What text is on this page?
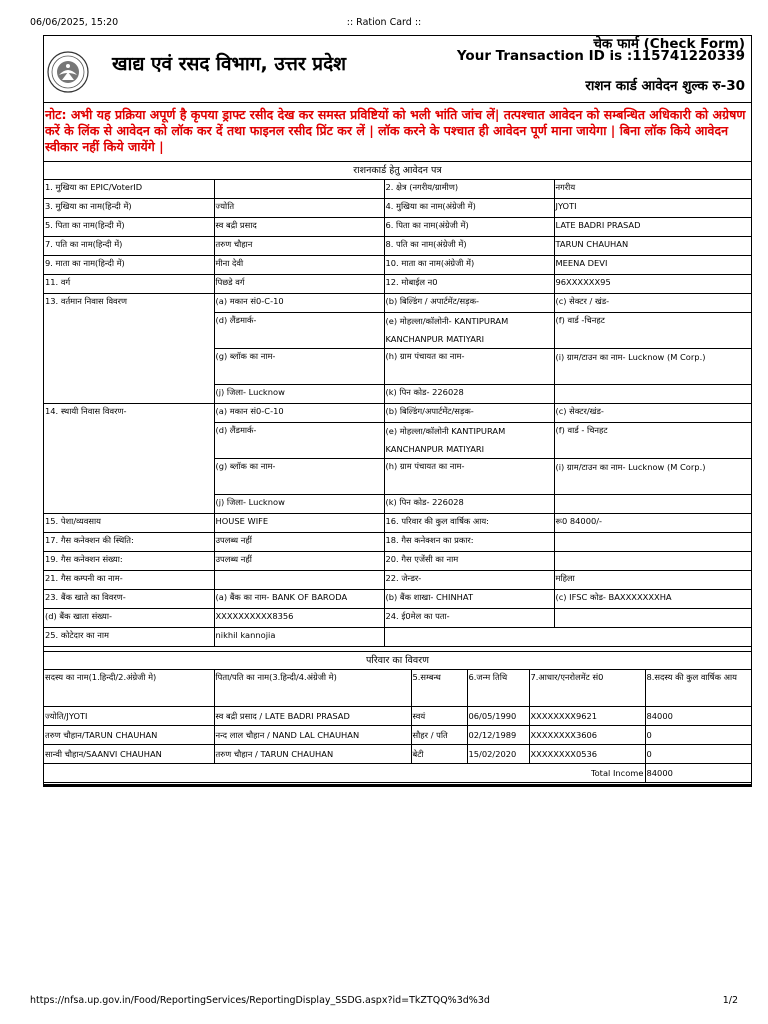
06/06/2025, 15:20	:: Ration Card ::
खाद्य एवं रसद विभाग, उत्तर प्रदेश
चेक फार्म (Check Form)
Your Transaction ID is :115741220339
राशन कार्ड आवेदन शुल्क रु-30
नोट: अभी यह प्रक्रिया अपूर्ण है कृपया ड्राफ्ट रसीद देख कर समस्त प्रविष्टियों को भली भांति जांच लें| तत्पश्चात आवेदन को सम्बन्धित अधिकारी को अग्रेषण करें के लिंक से आवेदन को लॉक कर दें तथा फाइनल रसीद प्रिंट कर लें | लॉक करने के पश्चात ही आवेदन पूर्ण माना जायेगा | बिना लॉक किये आवेदन स्वीकार नहीं किये जायेंगे |
राशनकार्ड हेतु आवेदन पत्र			
1. मुखिया का EPIC/VoterID		2. क्षेत्र (नगरीय/ग्रामीण)	नगरीय
3. मुखिया का नाम(हिन्दी में)	ज्योति	4. मुखिया का नाम(अंग्रेजी में)	JYOTI
5. पिता का नाम(हिन्दी में)	स्व बद्री प्रसाद	6. पिता का नाम(अंग्रेजी में)	LATE BADRI PRASAD
7. पति का नाम(हिन्दी में)	तरुण चौहान	8. पति का नाम(अंग्रेजी में)	TARUN CHAUHAN
9. माता का नाम(हिन्दी में)	मीना देवी	10. माता का नाम(अंग्रेजी में)	MEENA DEVI
11. वर्ग	पिछडे वर्ग	12. मोबाईल न0	96XXXXXX95
13. वर्तमान निवास विवरण	(a) मकान सं0-C-10	(b) बिल्डिंग / अपार्टमेंट/सड़क-	(c) सेक्टर / खंड-
	(d) लैंडमार्क-	(e) मोहल्ला/कॉलोनी- KANTIPURAM KANCHANPUR MATIYARI	(f) वार्ड -चिनहट
	(g) ब्लॉक का नाम-	(h) ग्राम पंचायत का नाम-	(i) ग्राम/टाउन का नाम- Lucknow (M Corp.)
	(j) जिला- Lucknow	(k) पिन कोड- 226028	
14. स्थायी निवास विवरण-	(a) मकान सं0-C-10	(b) बिल्डिंग/अपार्टमेंट/सड़क-	(c) सेक्टर/खंड-
	(d) लैंडमार्क-	(e) मोहल्ला/कॉलोनी KANTIPURAM KANCHANPUR MATIYARI	(f) वार्ड - चिनहट
	(g) ब्लॉक का नाम-	(h) ग्राम पंचायत का नाम-	(i) ग्राम/टाउन का नाम- Lucknow (M Corp.)
	(j) जिला- Lucknow	(k) पिन कोड- 226028	
15. पेशा/व्यवसाय	HOUSE WIFE	16. परिवार की कुल वार्षिक आय:	रू0 84000/-
17. गैस कनेक्शन की स्थिति:	उपलब्ध नहीं	18. गैस कनेक्शन का प्रकार:	
19. गैस कनेक्शन संख्या:	उपलब्ध नहीं	20. गैस एजेंसी का नाम	
21. गैस कम्पनी का नाम-		22. जेन्डर-	महिला
23. बैंक खाते का विवरण-	(a) बैंक का नाम- BANK OF BARODA	(b) बैंक शाखा- CHINHAT	(c) IFSC कोड- BAXXXXXXXHA
(d) बैंक खाता संख्या-	XXXXXXXXXX8356	24. ई0मेल का पता-	
25. कोटेदार का नाम	nikhil kannojia		
परिवार का विवरण					
सदस्य का नाम(1.हिन्दी/2.अंग्रेजी मे)	पिता/पति का नाम(3.हिन्दी/4.अंग्रेजी मे)	5.सम्बन्ध	6.जन्म तिथि	7.आधार/एनरोलमेंट सं0	8.सदस्य की कुल वार्षिक आय
ज्योति/JYOTI	स्व बद्री प्रसाद / LATE BADRI PRASAD	स्वयं	06/05/1990	XXXXXXXX9621	84000
तरुण चौहान/TARUN CHAUHAN	नन्द लाल चौहान / NAND LAL CHAUHAN	सौहर / पति	02/12/1989	XXXXXXXX3606	0
सान्वी चौहान/SAANVI CHAUHAN	तरुण चौहान / TARUN CHAUHAN	बेटी	15/02/2020	XXXXXXXX0536	0
Total Income					84000
https://nfsa.up.gov.in/Food/ReportingServices/ReportingDisplay_SSDG.aspx?id=TkZTQQ%3d%3d	1/2
